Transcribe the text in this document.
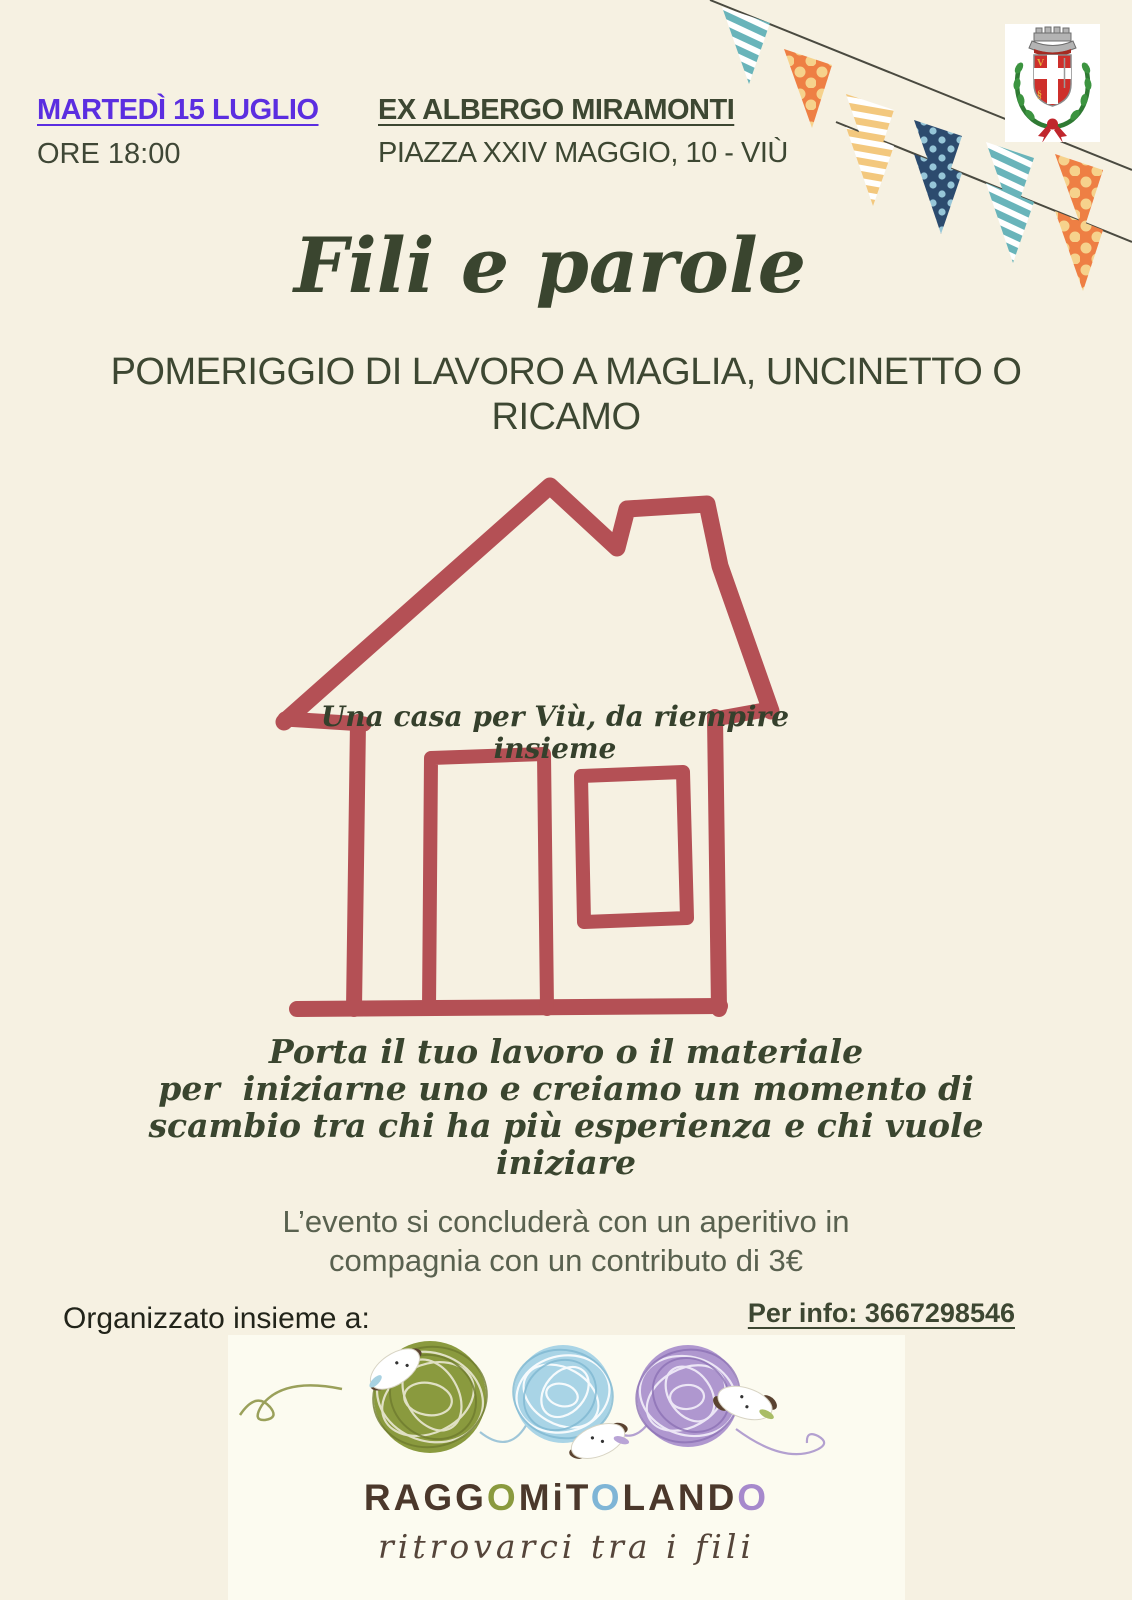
V
§
MARTEDÌ 15 LUGLIO
ORE 18:00
EX ALBERGO MIRAMONTI
PIAZZA XXIV MAGGIO, 10 - VIÙ
Fili e parole
POMERIGGIO DI LAVORO A MAGLIA, UNCINETTO O
RICAMO
Una casa per Viù, da riempire
insieme
Porta il tuo lavoro o il materiale
per  iniziarne uno e creiamo un momento di
scambio tra chi ha più esperienza e chi vuole
iniziare
L’evento si concluderà con un aperitivo in
compagnia con un contributo di 3€
Organizzato insieme a:	Per info: 3667298546
RAGGOMiTOLANDO
ritrovarci tra i fili
